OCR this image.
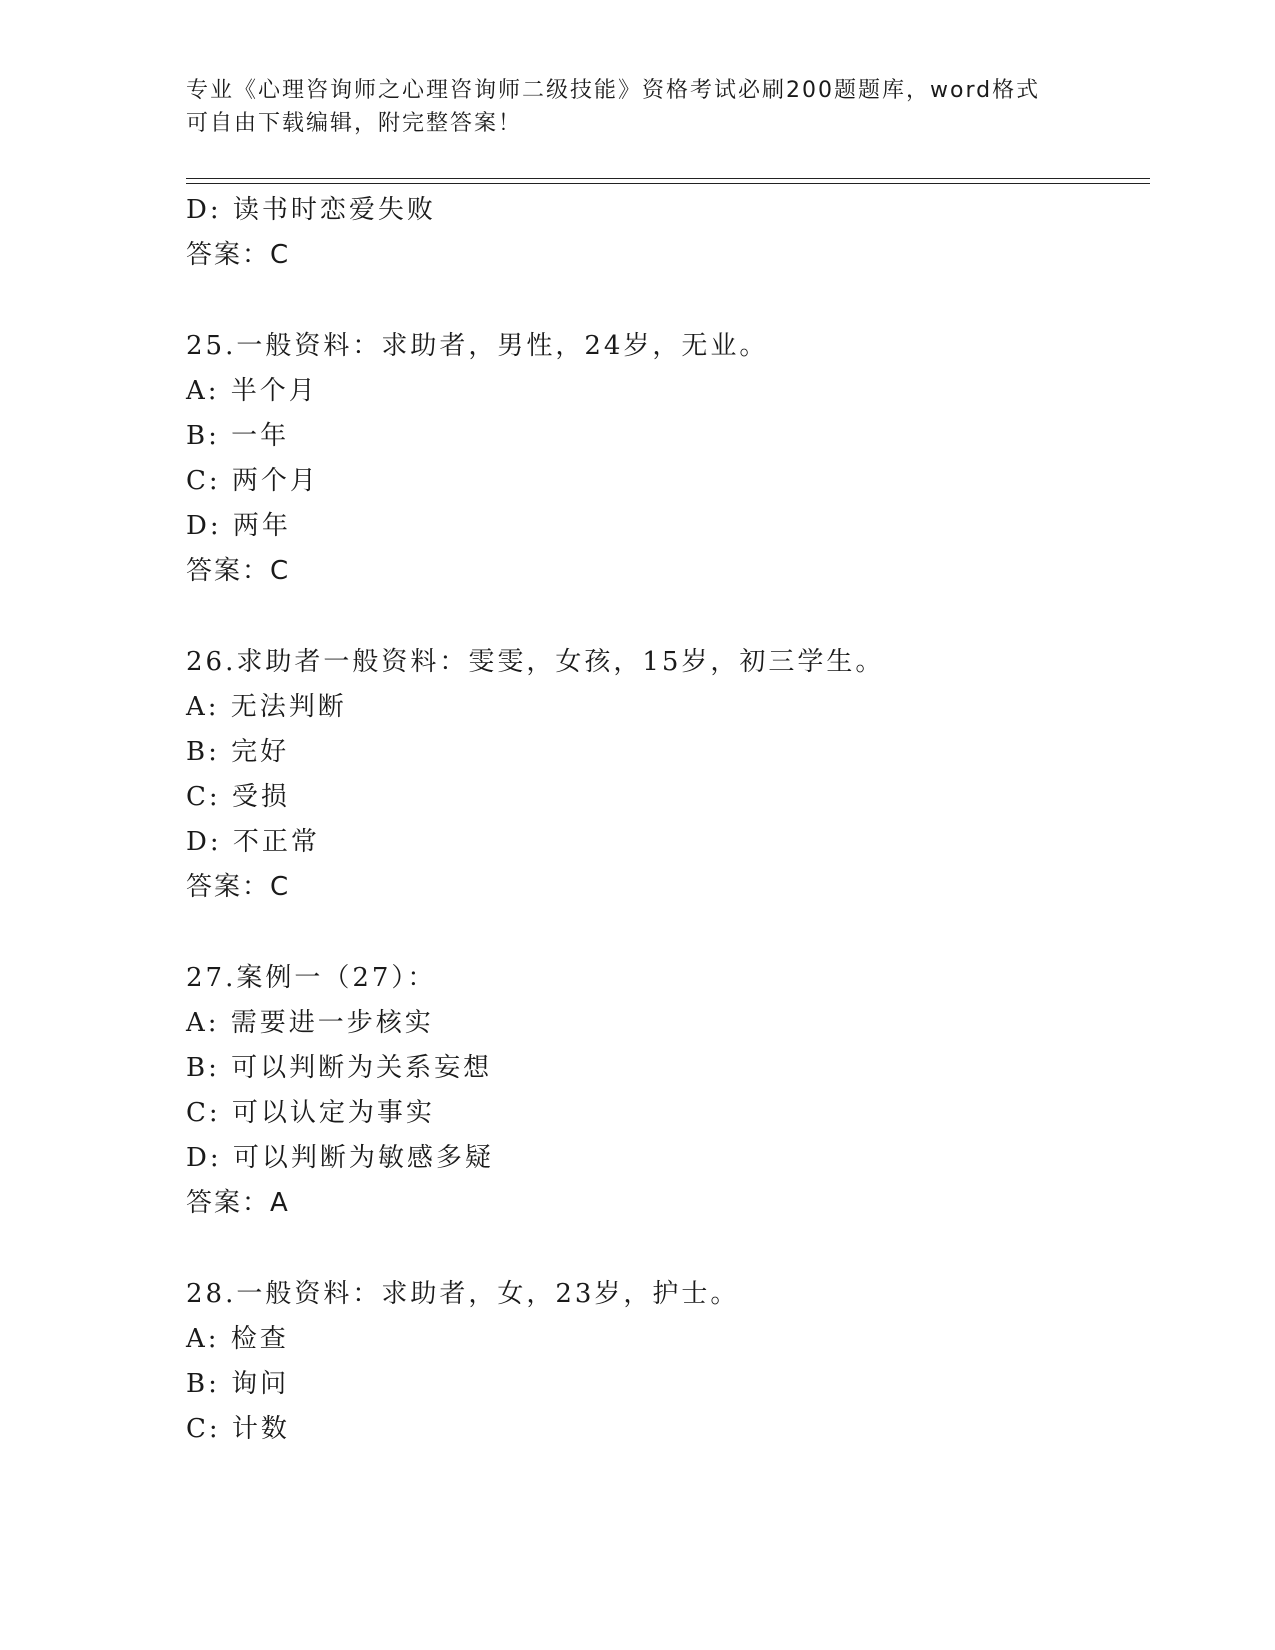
专业《心理咨询师之心理咨询师二级技能》资格考试必刷200题题库，word格式
可自由下载编辑，附完整答案！
D: 读书时恋爱失败
答案：C
25.一般资料：求助者，男性，24岁，无业。
A: 半个月
B: 一年
C: 两个月
D: 两年
答案：C
26.求助者一般资料：雯雯，女孩，15岁，初三学生。
A: 无法判断
B: 完好
C: 受损
D: 不正常
答案：C
27.案例一（27）：
A: 需要进一步核实
B: 可以判断为关系妄想
C: 可以认定为事实
D: 可以判断为敏感多疑
答案：A
28.一般资料：求助者，女，23岁，护士。
A: 检查
B: 询问
C: 计数
